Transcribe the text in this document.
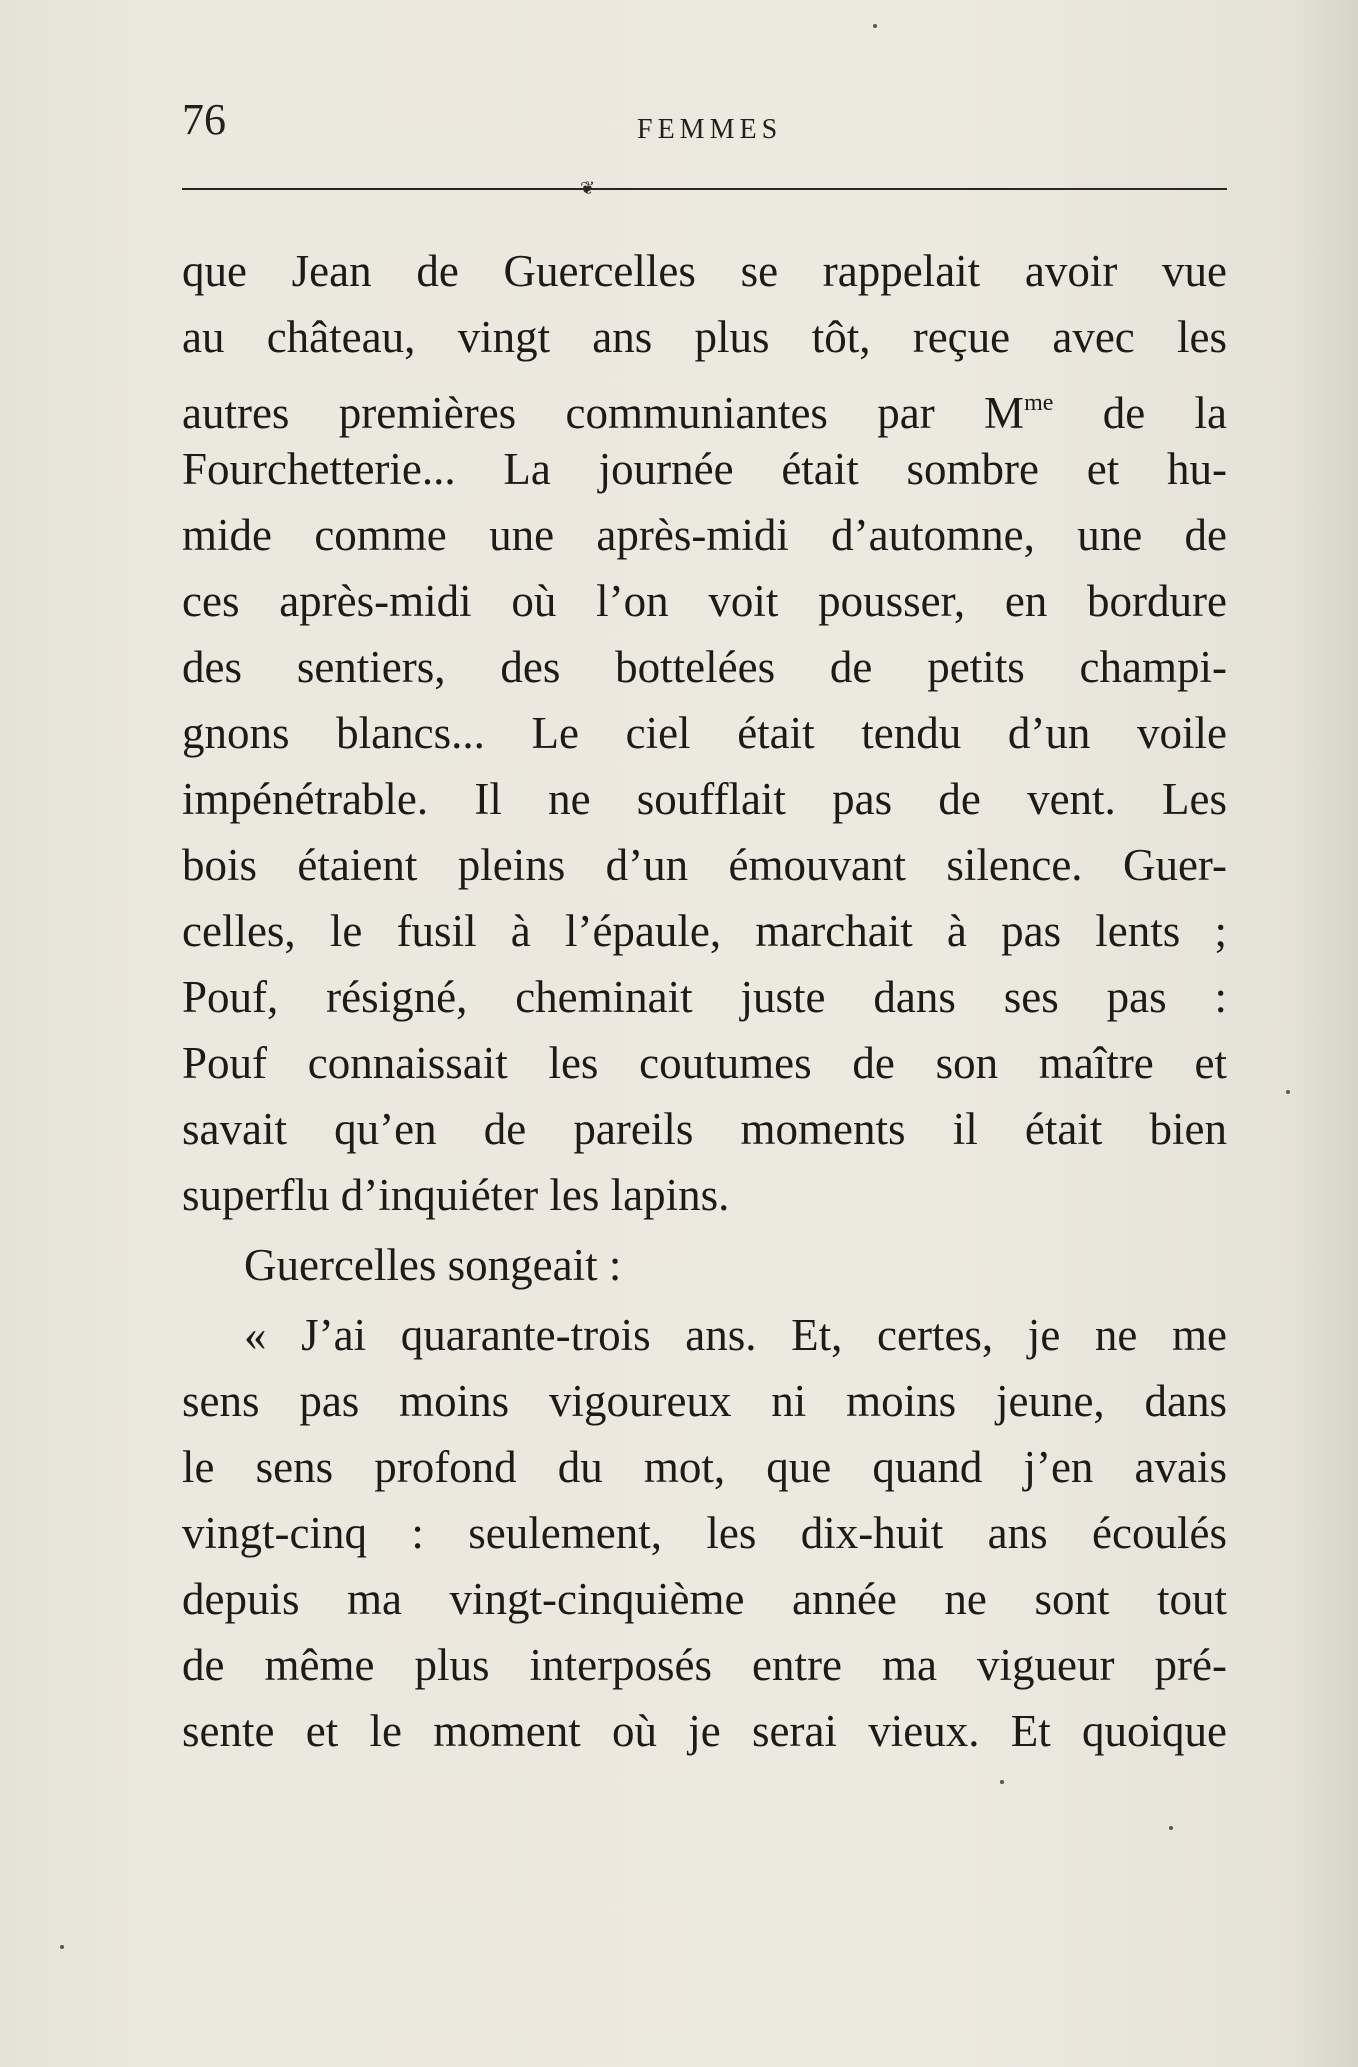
76	FEMMES
❦
que Jean de Guercelles se rappelait avoir vue
au château, vingt ans plus tôt, reçue avec les
autres premières communiantes par $M^{me}$ de la
Fourchetterie... La journée était sombre et hu-
mide comme une après-midi d’automne, une de
ces après-midi où l’on voit pousser, en bordure
des sentiers, des bottelées de petits champi-
gnons blancs... Le ciel était tendu d’un voile
impénétrable. Il ne soufflait pas de vent. Les
bois étaient pleins d’un émouvant silence. Guer-
celles, le fusil à l’épaule, marchait à pas lents ;
Pouf, résigné, cheminait juste dans ses pas :
Pouf connaissait les coutumes de son maître et
savait qu’en de pareils moments il était bien
superflu d’inquiéter les lapins.
Guercelles songeait :
« J’ai quarante-trois ans. Et, certes, je ne me
sens pas moins vigoureux ni moins jeune, dans
le sens profond du mot, que quand j’en avais
vingt-cinq : seulement, les dix-huit ans écoulés
depuis ma vingt-cinquième année ne sont tout
de même plus interposés entre ma vigueur pré-
sente et le moment où je serai vieux. Et quoique
